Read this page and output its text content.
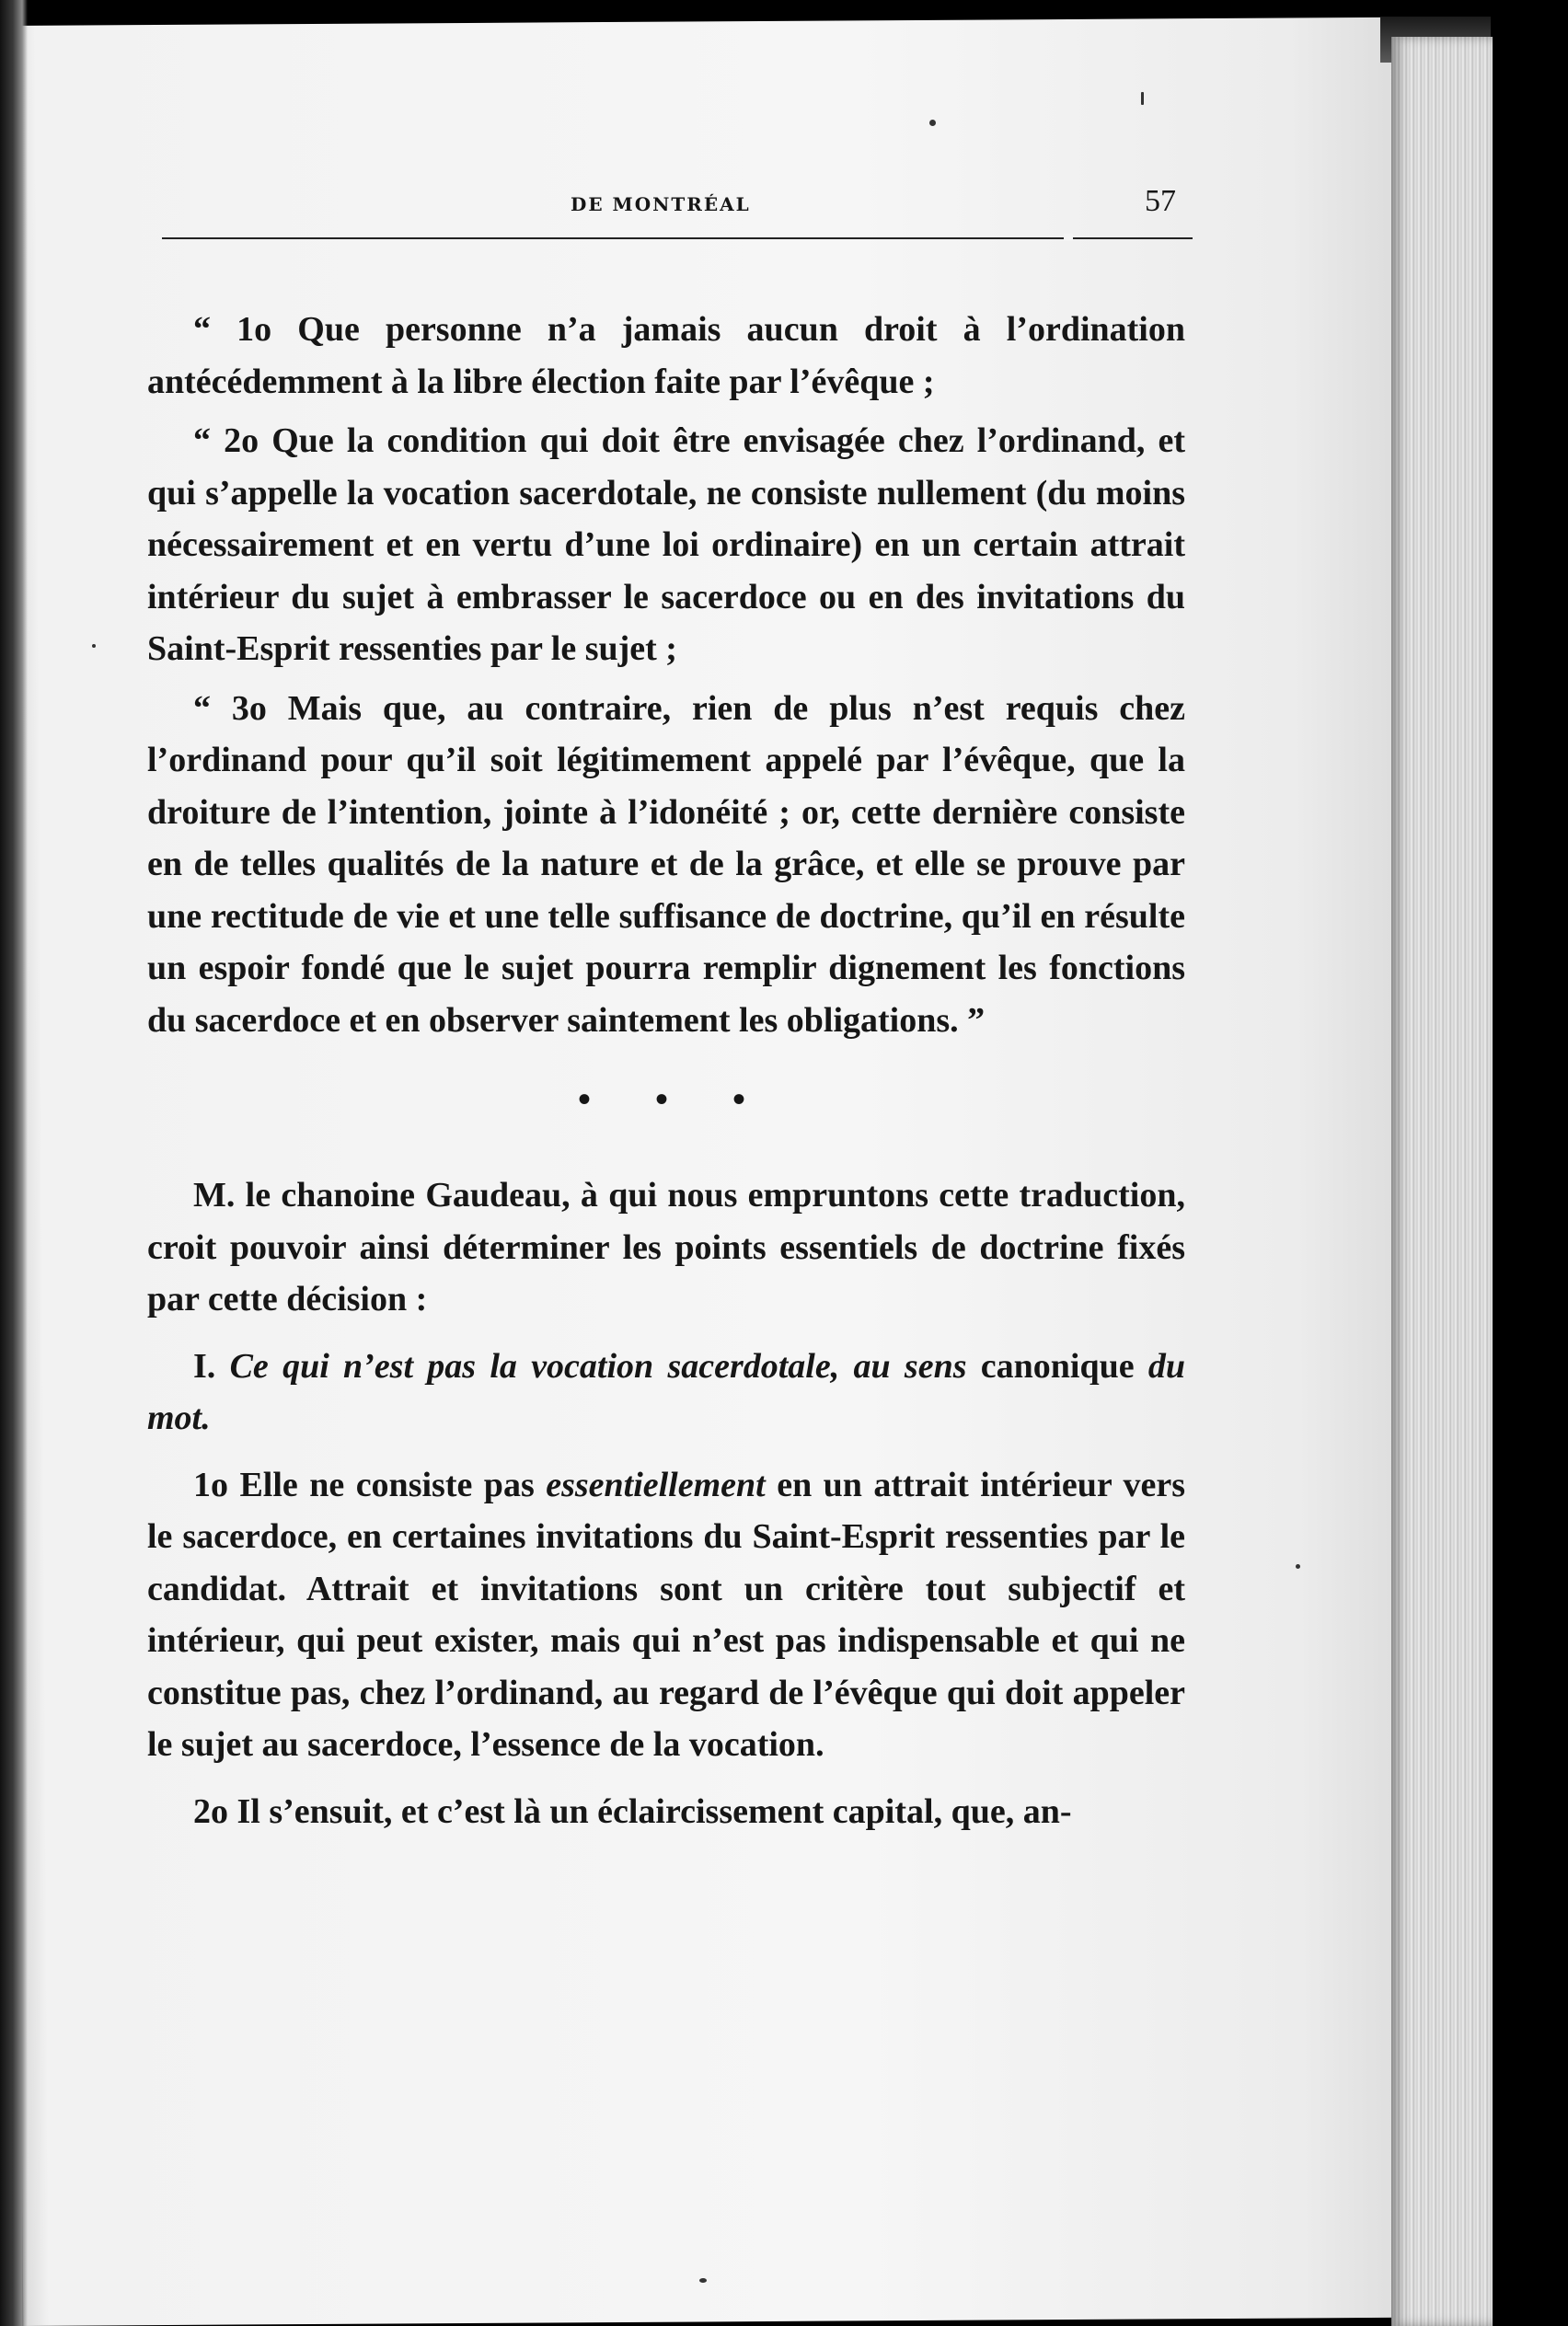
DE MONTRÉAL	57

“ 1o Que personne n’a jamais aucun droit à l’ordination antécédemment à la libre élection faite par l’évêque ;

“ 2o Que la condition qui doit être envisagée chez l’ordinand, et qui s’appelle la vocation sacerdotale, ne consiste nullement (du moins nécessairement et en vertu d’une loi ordinaire) en un certain attrait intérieur du sujet à embrasser le sacerdoce ou en des invitations du Saint-Esprit ressenties par le sujet ;

“ 3o Mais que, au contraire, rien de plus n’est requis chez l’ordinand pour qu’il soit légitimement appelé par l’évêque, que la droiture de l’intention, jointe à l’idonéité ; or, cette dernière consiste en de telles qualités de la nature et de la grâce, et elle se prouve par une rectitude de vie et une telle suffisance de doctrine, qu’il en résulte un espoir fondé que le sujet pourra remplir dignement les fonctions du sacerdoce et en observer saintement les obligations. ”

• • •

M. le chanoine Gaudeau, à qui nous empruntons cette traduction, croit pouvoir ainsi déterminer les points essentiels de doctrine fixés par cette décision :

I. Ce qui n’est pas la vocation sacerdotale, au sens canonique du mot.

1o Elle ne consiste pas essentiellement en un attrait intérieur vers le sacerdoce, en certaines invitations du Saint-Esprit ressenties par le candidat. Attrait et invitations sont un critère tout subjectif et intérieur, qui peut exister, mais qui n’est pas indispensable et qui ne constitue pas, chez l’ordinand, au regard de l’évêque qui doit appeler le sujet au sacerdoce, l’essence de la vocation.

2o Il s’ensuit, et c’est là un éclaircissement capital, que, an-
